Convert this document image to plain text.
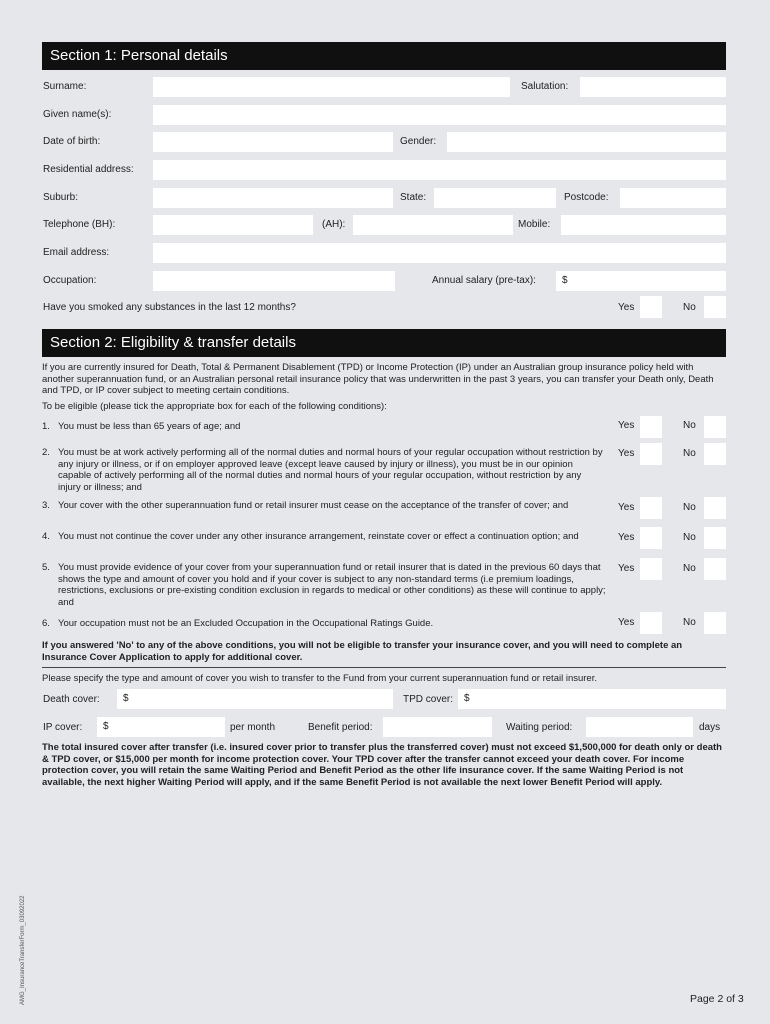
Section 1: Personal details
Surname:	Salutation:
Given name(s):
Date of birth:	Gender:
Residential address:
Suburb:	State:	Postcode:
Telephone (BH):	(AH):	Mobile:
Email address:
Occupation:	Annual salary (pre-tax):	$
Have you smoked any substances in the last 12 months?	Yes	No
Section 2: Eligibility & transfer details
If you are currently insured for Death, Total & Permanent Disablement (TPD) or Income Protection (IP) under an Australian group insurance policy held with another superannuation fund, or an Australian personal retail insurance policy that was underwritten in the past 3 years, you can transfer your Death only, Death and TPD, or IP cover subject to meeting certain conditions.
To be eligible (please tick the appropriate box for each of the following conditions):
1. You must be less than 65 years of age; and	Yes	No
2. You must be at work actively performing all of the normal duties and normal hours of your regular occupation without restriction by any injury or illness, or if on employer approved leave (except leave caused by injury or illness), you must be in our opinion capable of actively performing all of the normal duties and normal hours of your regular occupation, without restriction by any injury or illness; and
Yes	No
3. Your cover with the other superannuation fund or retail insurer must cease on the acceptance of the transfer of cover; and	Yes	No
4. You must not continue the cover under any other insurance arrangement, reinstate cover or effect a continuation option; and	Yes	No
5. You must provide evidence of your cover from your superannuation fund or retail insurer that is dated in the previous 60 days that shows the type and amount of cover you hold and if your cover is subject to any non-standard terms (i.e premium loadings, restrictions, exclusions or pre-existing condition exclusion in regards to medical or other conditions) as these will continue to apply; and
Yes	No
6. Your occupation must not be an Excluded Occupation in the Occupational Ratings Guide.	Yes	No
If you answered 'No' to any of the above conditions, you will not be eligible to transfer your insurance cover, and you will need to complete an Insurance Cover Application to apply for additional cover.
Please specify the type and amount of cover you wish to transfer to the Fund from your current superannuation fund or retail insurer.
Death cover:	$	TPD cover:	$
IP cover:	$	per month	Benefit period:	Waiting period:	days
The total insured cover after transfer (i.e. insured cover prior to transfer plus the transferred cover) must not exceed $1,500,000 for death only or death & TPD cover, or $15,000 per month for income protection cover. Your TPD cover after the transfer cannot exceed your death cover. For income protection cover, you will retain the same Waiting Period and Benefit Period as the other life insurance cover. If the same Waiting Period is not available, the next higher Waiting Period will apply, and if the same Benefit Period is not available the next lower Benefit Period will apply.
AMG_InsuranceTransferForm_03092022	Page 2 of 3
